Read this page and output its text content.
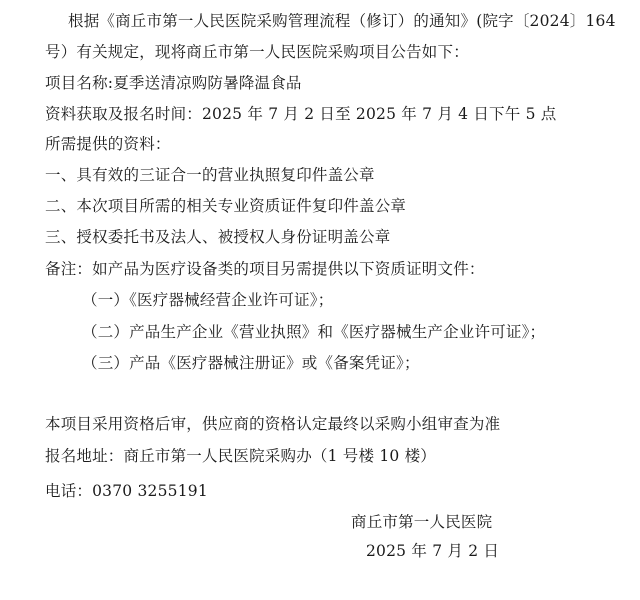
根据《商丘市第一人民医院采购管理流程（修订）的通知》(院字〔2024〕164
号）有关规定，现将商丘市第一人民医院采购项目公告如下：
项目名称:夏季送清凉购防暑降温食品
资料获取及报名时间：2025 年 7 月 2 日至 2025 年 7 月 4 日下午 5 点
所需提供的资料：
一、具有效的三证合一的营业执照复印件盖公章
二、本次项目所需的相关专业资质证件复印件盖公章
三、授权委托书及法人、被授权人身份证明盖公章
备注：如产品为医疗设备类的项目另需提供以下资质证明文件：
（一）《医疗器械经营企业许可证》；
（二）产品生产企业《营业执照》和《医疗器械生产企业许可证》；
（三）产品《医疗器械注册证》或《备案凭证》；
本项目采用资格后审，供应商的资格认定最终以采购小组审查为准
报名地址：商丘市第一人民医院采购办（1 号楼 10 楼）
电话：0370 3255191
商丘市第一人民医院
2025 年 7 月 2 日
